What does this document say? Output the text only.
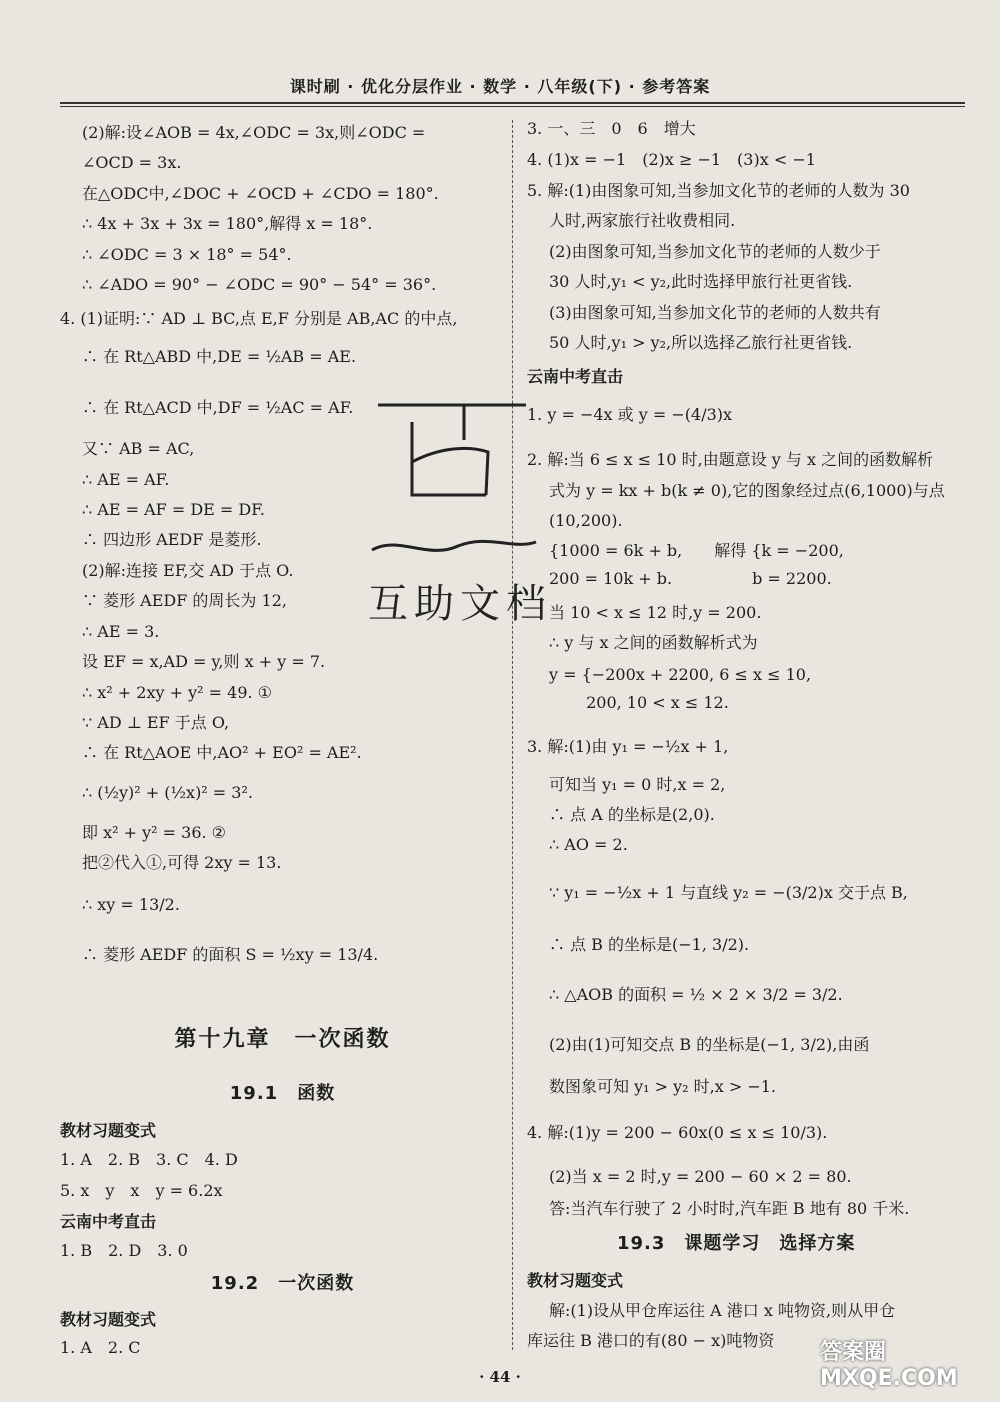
课时刷 · 优化分层作业 · 数学 · 八年级(下) · 参考答案
(2)解:设∠AOB = 4x,∠ODC = 3x,则∠ODC =
∠OCD = 3x.
在△ODC中,∠DOC + ∠OCD + ∠CDO = 180°.
∴ 4x + 3x + 3x = 180°,解得 x = 18°.
∴ ∠ODC = 3 × 18° = 54°.
∴ ∠ADO = 90° − ∠ODC = 90° − 54° = 36°.
4. (1)证明:∵ AD ⊥ BC,点 E,F 分别是 AB,AC 的中点,
∴ 在 Rt△ABD 中,DE = ½AB = AE.
∴ 在 Rt△ACD 中,DF = ½AC = AF.
又∵ AB = AC,
∴ AE = AF.
∴ AE = AF = DE = DF.
∴ 四边形 AEDF 是菱形.
(2)解:连接 EF,交 AD 于点 O.
∵ 菱形 AEDF 的周长为 12,
∴ AE = 3.
设 EF = x,AD = y,则 x + y = 7.
∴ x² + 2xy + y² = 49. ①
∵ AD ⊥ EF 于点 O,
∴ 在 Rt△AOE 中,AO² + EO² = AE².
∴ (½y)² + (½x)² = 3².
即 x² + y² = 36. ②
把②代入①,可得 2xy = 13.
∴ xy = 13/2.
∴ 菱形 AEDF 的面积 S = ½xy = 13/4.
第十九章　一次函数
19.1　函数
教材习题变式
1. A　2. B　3. C　4. D
5. x　y　x　y = 6.2x
云南中考直击
1. B　2. D　3. 0
19.2　一次函数
教材习题变式
1. A　2. C
3. 一、三　0　6　增大
4. (1)x = −1　(2)x ≥ −1　(3)x < −1
5. 解:(1)由图象可知,当参加文化节的老师的人数为 30
人时,两家旅行社收费相同.
(2)由图象可知,当参加文化节的老师的人数少于
30 人时,y₁ < y₂,此时选择甲旅行社更省钱.
(3)由图象可知,当参加文化节的老师的人数共有
50 人时,y₁ > y₂,所以选择乙旅行社更省钱.
云南中考直击
1. y = −4x 或 y = −(4/3)x
2. 解:当 6 ≤ x ≤ 10 时,由题意设 y 与 x 之间的函数解析
式为 y = kx + b(k ≠ 0),它的图象经过点(6,1000)与点
(10,200).
{1000 = 6k + b,　　解得 {k = −200,
200 = 10k + b.　　　　　b = 2200.
当 10 < x ≤ 12 时,y = 200.
∴ y 与 x 之间的函数解析式为
y = {−200x + 2200, 6 ≤ x ≤ 10,
　　 200, 10 < x ≤ 12.
3. 解:(1)由 y₁ = −½x + 1,
可知当 y₁ = 0 时,x = 2,
∴ 点 A 的坐标是(2,0).
∴ AO = 2.
∵ y₁ = −½x + 1 与直线 y₂ = −(3/2)x 交于点 B,
∴ 点 B 的坐标是(−1, 3/2).
∴ △AOB 的面积 = ½ × 2 × 3/2 = 3/2.
(2)由(1)可知交点 B 的坐标是(−1, 3/2),由函
数图象可知 y₁ > y₂ 时,x > −1.
4. 解:(1)y = 200 − 60x(0 ≤ x ≤ 10/3).
(2)当 x = 2 时,y = 200 − 60 × 2 = 80.
答:当汽车行驶了 2 小时时,汽车距 B 地有 80 千米.
19.3　课题学习　选择方案
教材习题变式
解:(1)设从甲仓库运往 A 港口 x 吨物资,则从甲仓
库运往 B 港口的有(80 − x)吨物资
互助文档
答案圈 MXQE.COM
· 44 ·
